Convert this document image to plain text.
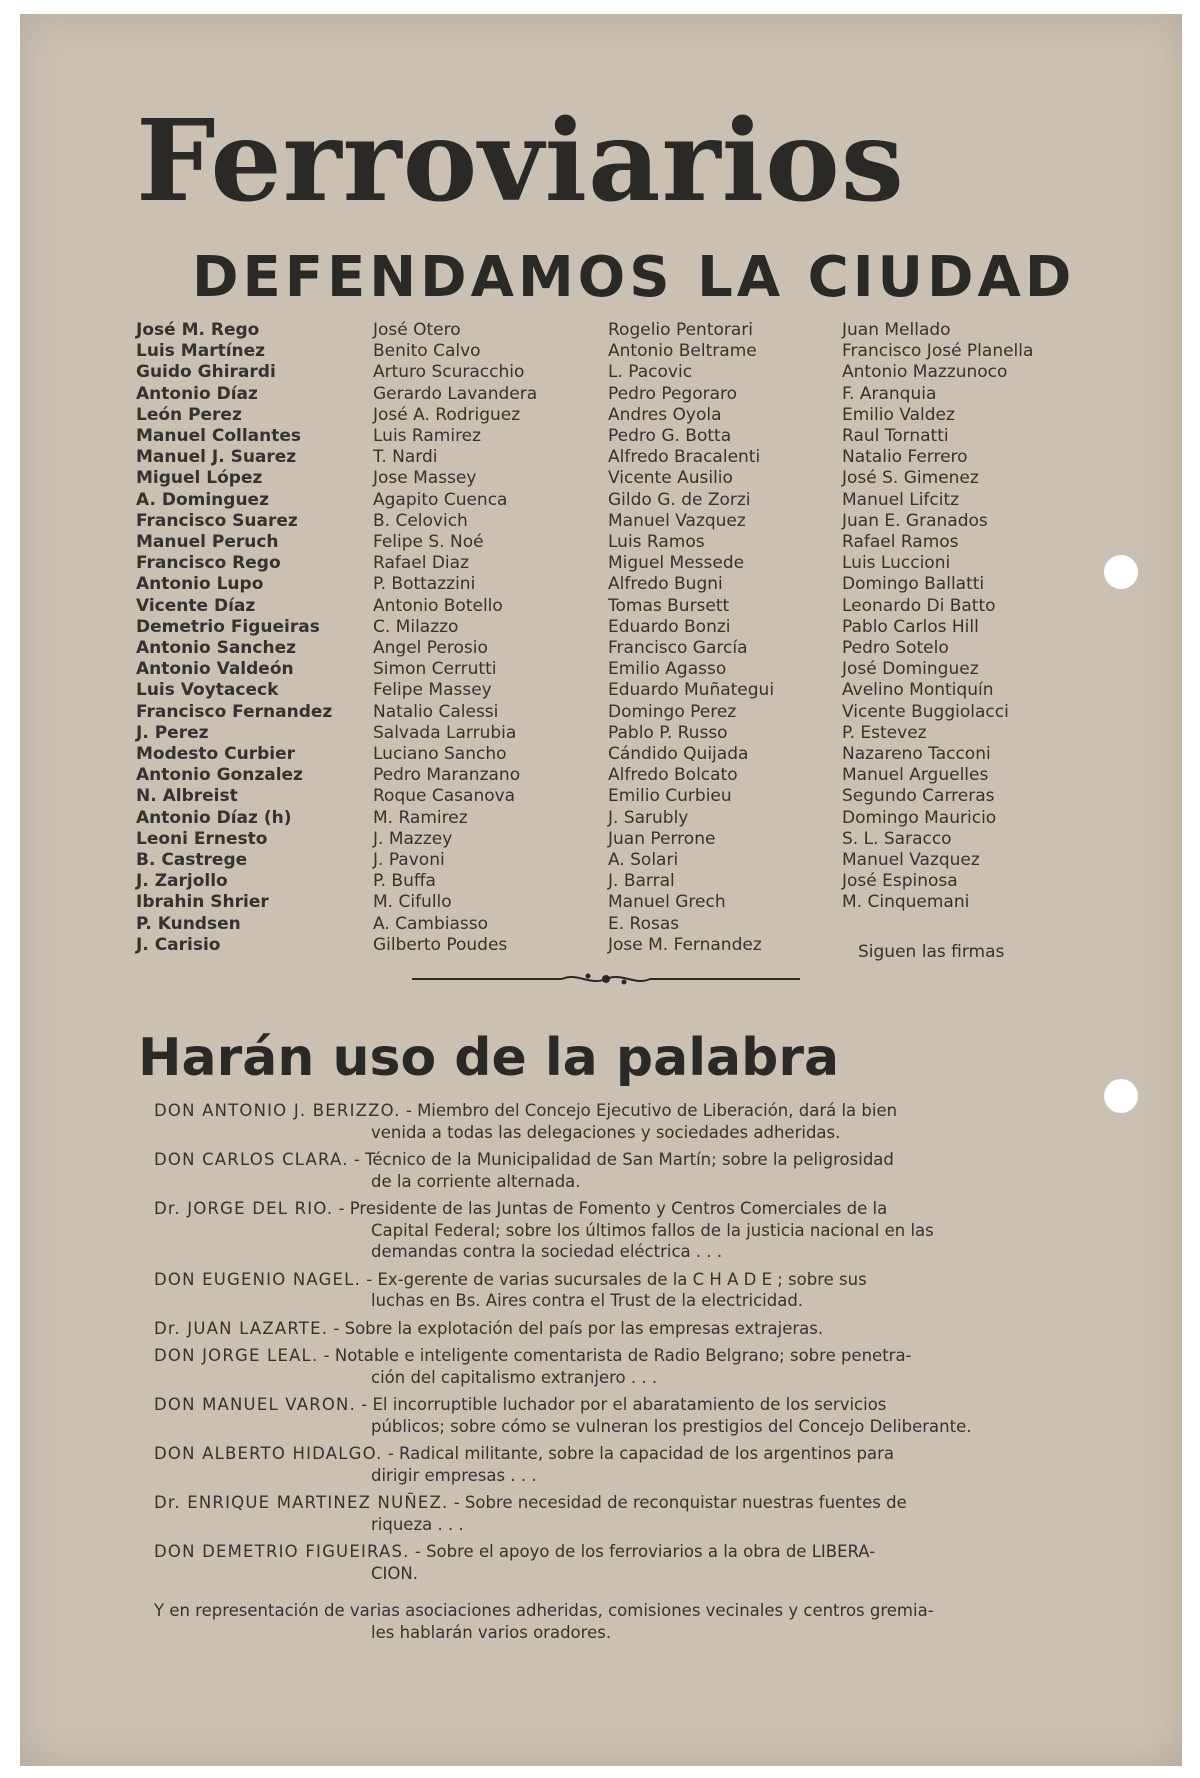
Ferroviarios
DEFENDAMOS LA CIUDAD
José M. Rego
Luis Martínez
Guido Ghirardi
Antonio Díaz
León Perez
Manuel Collantes
Manuel J. Suarez
Miguel López
A. Dominguez
Francisco Suarez
Manuel Peruch
Francisco Rego
Antonio Lupo
Vicente Díaz
Demetrio Figueiras
Antonio Sanchez
Antonio Valdeón
Luis Voytaceck
Francisco Fernandez
J. Perez
Modesto Curbier
Antonio Gonzalez
N. Albreist
Antonio Díaz (h)
Leoni Ernesto
B. Castrege
J. Zarjollo
Ibrahin Shrier
P. Kundsen
J. Carisio
José Otero
Benito Calvo
Arturo Scuracchio
Gerardo Lavandera
José A. Rodriguez
Luis Ramirez
T. Nardi
Jose Massey
Agapito Cuenca
B. Celovich
Felipe S. Noé
Rafael Diaz
P. Bottazzini
Antonio Botello
C. Milazzo
Angel Perosio
Simon Cerrutti
Felipe Massey
Natalio Calessi
Salvada Larrubia
Luciano Sancho
Pedro Maranzano
Roque Casanova
M. Ramirez
J. Mazzey
J. Pavoni
P. Buffa
M. Cifullo
A. Cambiasso
Gilberto Poudes
Rogelio Pentorari
Antonio Beltrame
L. Pacovic
Pedro Pegoraro
Andres Oyola
Pedro G. Botta
Alfredo Bracalenti
Vicente Ausilio
Gildo G. de Zorzi
Manuel Vazquez
Luis Ramos
Miguel Messede
Alfredo Bugni
Tomas Bursett
Eduardo Bonzi
Francisco García
Emilio Agasso
Eduardo Muñategui
Domingo Perez
Pablo P. Russo
Cándido Quijada
Alfredo Bolcato
Emilio Curbieu
J. Sarubly
Juan Perrone
A. Solari
J. Barral
Manuel Grech
E. Rosas
Jose M. Fernandez
Juan Mellado
Francisco José Planella
Antonio Mazzunoco
F. Aranquia
Emilio Valdez
Raul Tornatti
Natalio Ferrero
José S. Gimenez
Manuel Lifcitz
Juan E. Granados
Rafael Ramos
Luis Luccioni
Domingo Ballatti
Leonardo Di Batto
Pablo Carlos Hill
Pedro Sotelo
José Dominguez
Avelino Montiquín
Vicente Buggiolacci
P. Estevez
Nazareno Tacconi
Manuel Arguelles
Segundo Carreras
Domingo Mauricio
S. L. Saracco
Manuel Vazquez
José Espinosa
M. Cinquemani
Siguen las firmas
Harán uso de la palabra
DON ANTONIO J. BERIZZO. - Miembro del Concejo Ejecutivo de Liberación, dará la bien
venida a todas las delegaciones y sociedades adheridas.
DON CARLOS CLARA. - Técnico de la Municipalidad de San Martín; sobre la peligrosidad
de la corriente alternada.
Dr. JORGE DEL RIO. - Presidente de las Juntas de Fomento y Centros Comerciales de la
Capital Federal; sobre los últimos fallos de la justicia nacional en las
demandas contra la sociedad eléctrica . . .
DON EUGENIO NAGEL. - Ex-gerente de varias sucursales de la C H A D E ; sobre sus
luchas en Bs. Aires contra el Trust de la electricidad.
Dr. JUAN LAZARTE. - Sobre la explotación del país por las empresas extrajeras.
DON JORGE LEAL. - Notable e inteligente comentarista de Radio Belgrano; sobre penetra-
ción del capitalismo extranjero . . .
DON MANUEL VARON. - El incorruptible luchador por el abaratamiento de los servicios
públicos; sobre cómo se vulneran los prestigios del Concejo Deliberante.
DON ALBERTO HIDALGO. - Radical militante, sobre la capacidad de los argentinos para
dirigir empresas . . .
Dr. ENRIQUE MARTINEZ NUÑEZ. - Sobre necesidad de reconquistar nuestras fuentes de
riqueza . . .
DON DEMETRIO FIGUEIRAS. - Sobre el apoyo de los ferroviarios a la obra de LIBERA-
CION.
Y en representación de varias asociaciones adheridas, comisiones vecinales y centros gremia-
les hablarán varios oradores.
